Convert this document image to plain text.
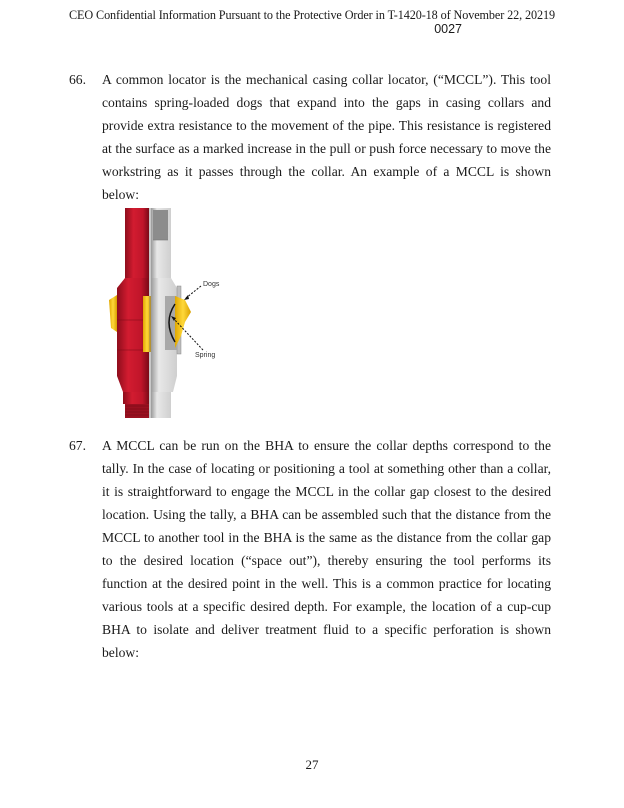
CEO Confidential Information Pursuant to the Protective Order in T-1420-18 of November 22, 20219
0027
66. A common locator is the mechanical casing collar locator, (“MCCL”). This tool contains spring-loaded dogs that expand into the gaps in casing collars and provide extra resistance to the movement of the pipe. This resistance is registered at the surface as a marked increase in the pull or push force necessary to move the workstring as it passes through the collar. An example of a MCCL is shown below:
Dogs
Spring
67. A MCCL can be run on the BHA to ensure the collar depths correspond to the tally. In the case of locating or positioning a tool at something other than a collar, it is straightforward to engage the MCCL in the collar gap closest to the desired location. Using the tally, a BHA can be assembled such that the distance from the MCCL to another tool in the BHA is the same as the distance from the collar gap to the desired location (“space out”), thereby ensuring the tool performs its function at the desired point in the well. This is a common practice for locating various tools at a specific desired depth. For example, the location of a cup-cup BHA to isolate and deliver treatment fluid to a specific perforation is shown below:
27
